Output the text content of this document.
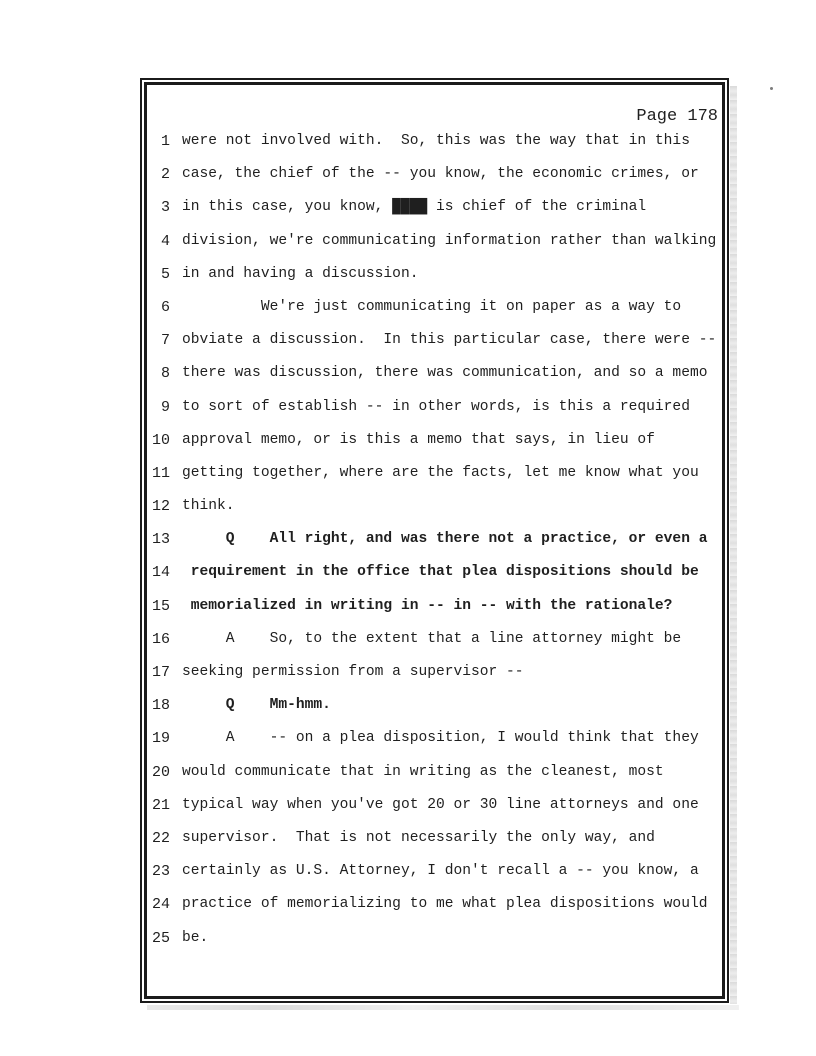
Page 178
1 were not involved with.  So, this was the way that in this
2 case, the chief of the -- you know, the economic crimes, or
3 in this case, you know, ████ is chief of the criminal
4 division, we're communicating information rather than walking
5 in and having a discussion.
6 We're just communicating it on paper as a way to
7 obviate a discussion.  In this particular case, there were --
8 there was discussion, there was communication, and so a memo
9 to sort of establish -- in other words, is this a required
10 approval memo, or is this a memo that says, in lieu of
11 getting together, where are the facts, let me know what you
12 think.
13 Q    All right, and was there not a practice, or even a
14 requirement in the office that plea dispositions should be
15 memorialized in writing in -- in -- with the rationale?
16 A    So, to the extent that a line attorney might be
17 seeking permission from a supervisor --
18 Q    Mm-hmm.
19 A    -- on a plea disposition, I would think that they
20 would communicate that in writing as the cleanest, most
21 typical way when you've got 20 or 30 line attorneys and one
22 supervisor.  That is not necessarily the only way, and
23 certainly as U.S. Attorney, I don't recall a -- you know, a
24 practice of memorializing to me what plea dispositions would
25 be.
